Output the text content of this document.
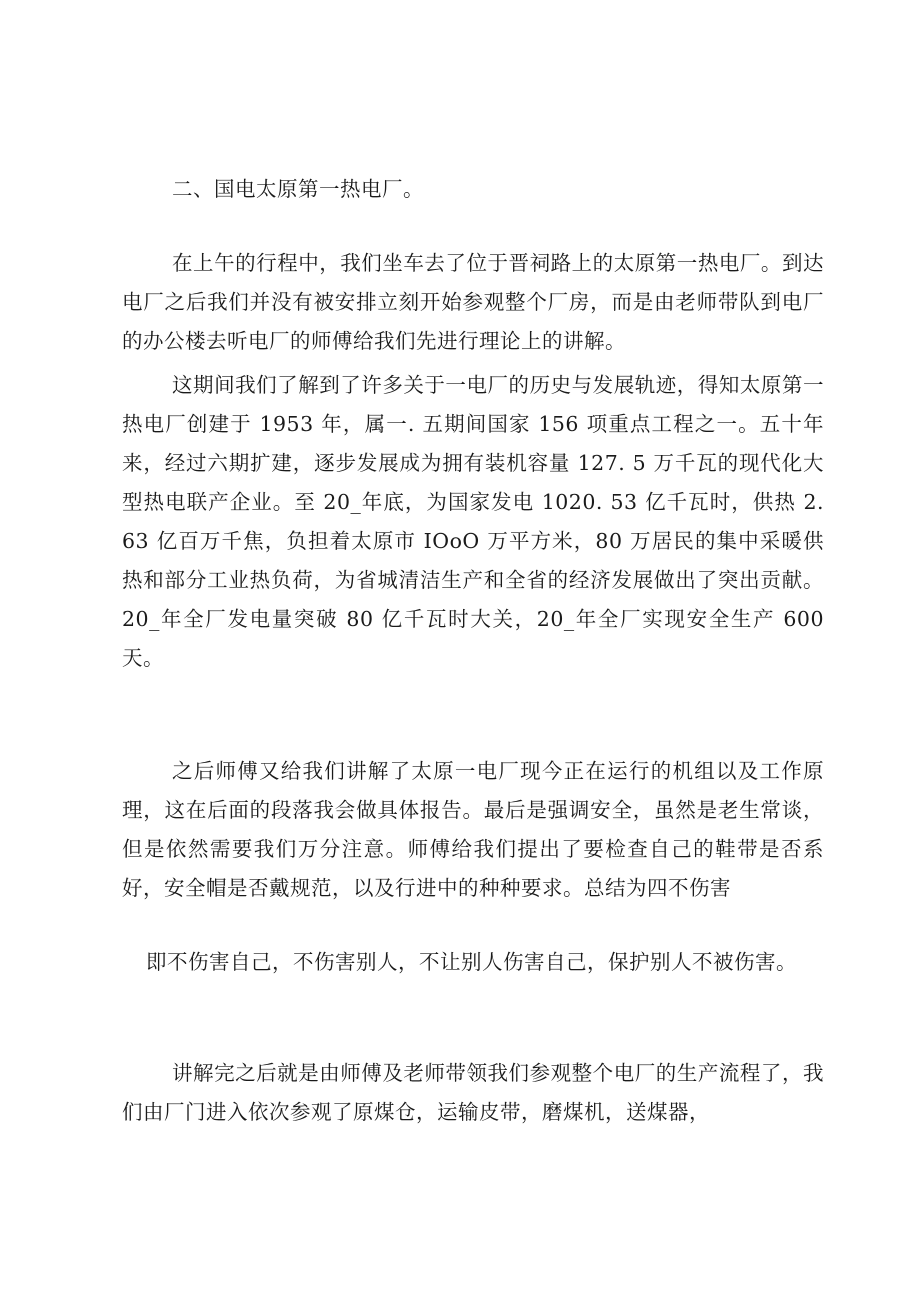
二、国电太原第一热电厂。
在上午的行程中，我们坐车去了位于晋祠路上的太原第一热电厂。到达电厂之后我们并没有被安排立刻开始参观整个厂房，而是由老师带队到电厂的办公楼去听电厂的师傅给我们先进行理论上的讲解。
这期间我们了解到了许多关于一电厂的历史与发展轨迹，得知太原第一热电厂创建于 1953 年，属一. 五期间国家 156 项重点工程之一。五十年来，经过六期扩建，逐步发展成为拥有装机容量 127. 5 万千瓦的现代化大型热电联产企业。至 20_年底，为国家发电 1020. 53 亿千瓦时，供热 2. 63 亿百万千焦，负担着太原市 IOoO 万平方米，80 万居民的集中采暖供热和部分工业热负荷，为省城清洁生产和全省的经济发展做出了突出贡献。20_年全厂发电量突破 80 亿千瓦时大关，20_年全厂实现安全生产 600 天。
之后师傅又给我们讲解了太原一电厂现今正在运行的机组以及工作原理，这在后面的段落我会做具体报告。最后是强调安全，虽然是老生常谈，但是依然需要我们万分注意。师傅给我们提出了要检查自己的鞋带是否系好，安全帽是否戴规范，以及行进中的种种要求。总结为四不伤害
即不伤害自己，不伤害别人，不让别人伤害自己，保护别人不被伤害。
讲解完之后就是由师傅及老师带领我们参观整个电厂的生产流程了，我们由厂门进入依次参观了原煤仓，运输皮带，磨煤机，送煤器，
